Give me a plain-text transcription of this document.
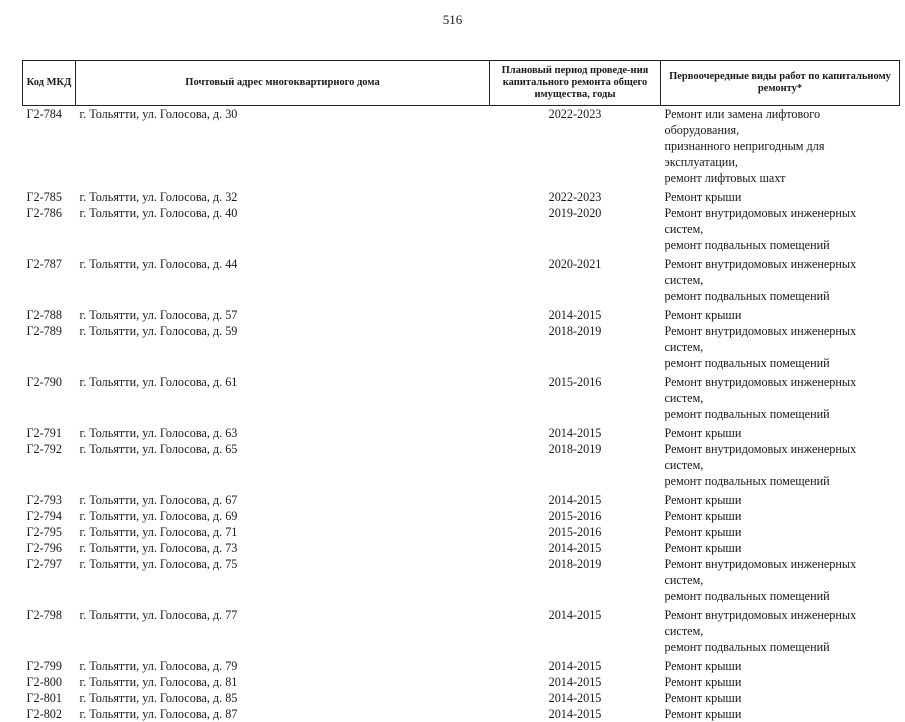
516
Код МКД	Почтовый адрес многоквартирного дома	Плановый период проведе-ния капитального ремонта общего имущества, годы	Первоочередные виды работ по капитальному ремонту*
Г2-784	г. Тольятти, ул. Голосова, д. 30	2022-2023	Ремонт или замена лифтового оборудования,
признанного непригодным для эксплуатации,
ремонт лифтовых шахт

Г2-785	г. Тольятти, ул. Голосова, д. 32	2022-2023	Ремонт крыши

Г2-786	г. Тольятти, ул. Голосова, д. 40	2019-2020	Ремонт внутридомовых инженерных систем,
ремонт подвальных помещений

Г2-787	г. Тольятти, ул. Голосова, д. 44	2020-2021	Ремонт внутридомовых инженерных систем,
ремонт подвальных помещений

Г2-788	г. Тольятти, ул. Голосова, д. 57	2014-2015	Ремонт крыши

Г2-789	г. Тольятти, ул. Голосова, д. 59	2018-2019	Ремонт внутридомовых инженерных систем,
ремонт подвальных помещений

Г2-790	г. Тольятти, ул. Голосова, д. 61	2015-2016	Ремонт внутридомовых инженерных систем,
ремонт подвальных помещений

Г2-791	г. Тольятти, ул. Голосова, д. 63	2014-2015	Ремонт крыши

Г2-792	г. Тольятти, ул. Голосова, д. 65	2018-2019	Ремонт внутридомовых инженерных систем,
ремонт подвальных помещений

Г2-793	г. Тольятти, ул. Голосова, д. 67	2014-2015	Ремонт крыши

Г2-794	г. Тольятти, ул. Голосова, д. 69	2015-2016	Ремонт крыши

Г2-795	г. Тольятти, ул. Голосова, д. 71	2015-2016	Ремонт крыши

Г2-796	г. Тольятти, ул. Голосова, д. 73	2014-2015	Ремонт крыши

Г2-797	г. Тольятти, ул. Голосова, д. 75	2018-2019	Ремонт внутридомовых инженерных систем,
ремонт подвальных помещений

Г2-798	г. Тольятти, ул. Голосова, д. 77	2014-2015	Ремонт внутридомовых инженерных систем,
ремонт подвальных помещений

Г2-799	г. Тольятти, ул. Голосова, д. 79	2014-2015	Ремонт крыши

Г2-800	г. Тольятти, ул. Голосова, д. 81	2014-2015	Ремонт крыши

Г2-801	г. Тольятти, ул. Голосова, д. 85	2014-2015	Ремонт крыши

Г2-802	г. Тольятти, ул. Голосова, д. 87	2014-2015	Ремонт крыши
